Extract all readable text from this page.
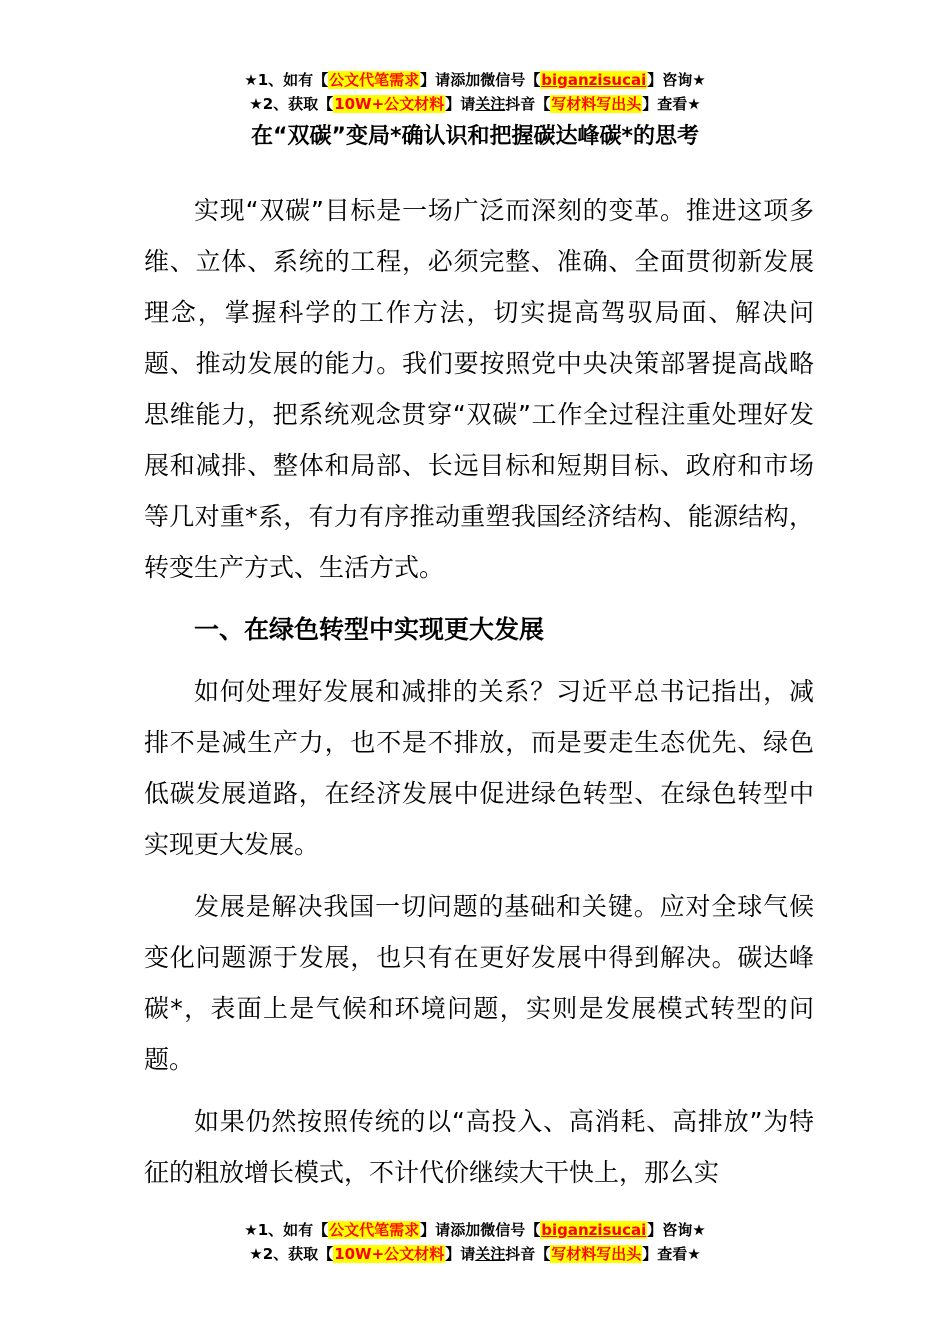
★1、如有【公文代笔需求】请添加微信号【biganzisucai】咨询★
★2、获取【10W+公文材料】请关注抖音【写材料写出头】查看★
在“双碳”变局*确认识和把握碳达峰碳*的思考

实现“双碳”目标是一场广泛而深刻的变革。推进这项多维、立体、系统的工程，必须完整、准确、全面贯彻新发展理念，掌握科学的工作方法，切实提高驾驭局面、解决问题、推动发展的能力。我们要按照党中央决策部署提高战略思维能力，把系统观念贯穿“双碳”工作全过程注重处理好发展和减排、整体和局部、长远目标和短期目标、政府和市场等几对重*系，有力有序推动重塑我国经济结构、能源结构，转变生产方式、生活方式。

一、在绿色转型中实现更大发展

如何处理好发展和减排的关系？习近平总书记指出，减排不是减生产力，也不是不排放，而是要走生态优先、绿色低碳发展道路，在经济发展中促进绿色转型、在绿色转型中实现更大发展。

发展是解决我国一切问题的基础和关键。应对全球气候变化问题源于发展，也只有在更好发展中得到解决。碳达峰碳*，表面上是气候和环境问题，实则是发展模式转型的问题。

如果仍然按照传统的以“高投入、高消耗、高排放”为特征的粗放增长模式，不计代价继续大干快上，那么实

★1、如有【公文代笔需求】请添加微信号【biganzisucai】咨询★
★2、获取【10W+公文材料】请关注抖音【写材料写出头】查看★
